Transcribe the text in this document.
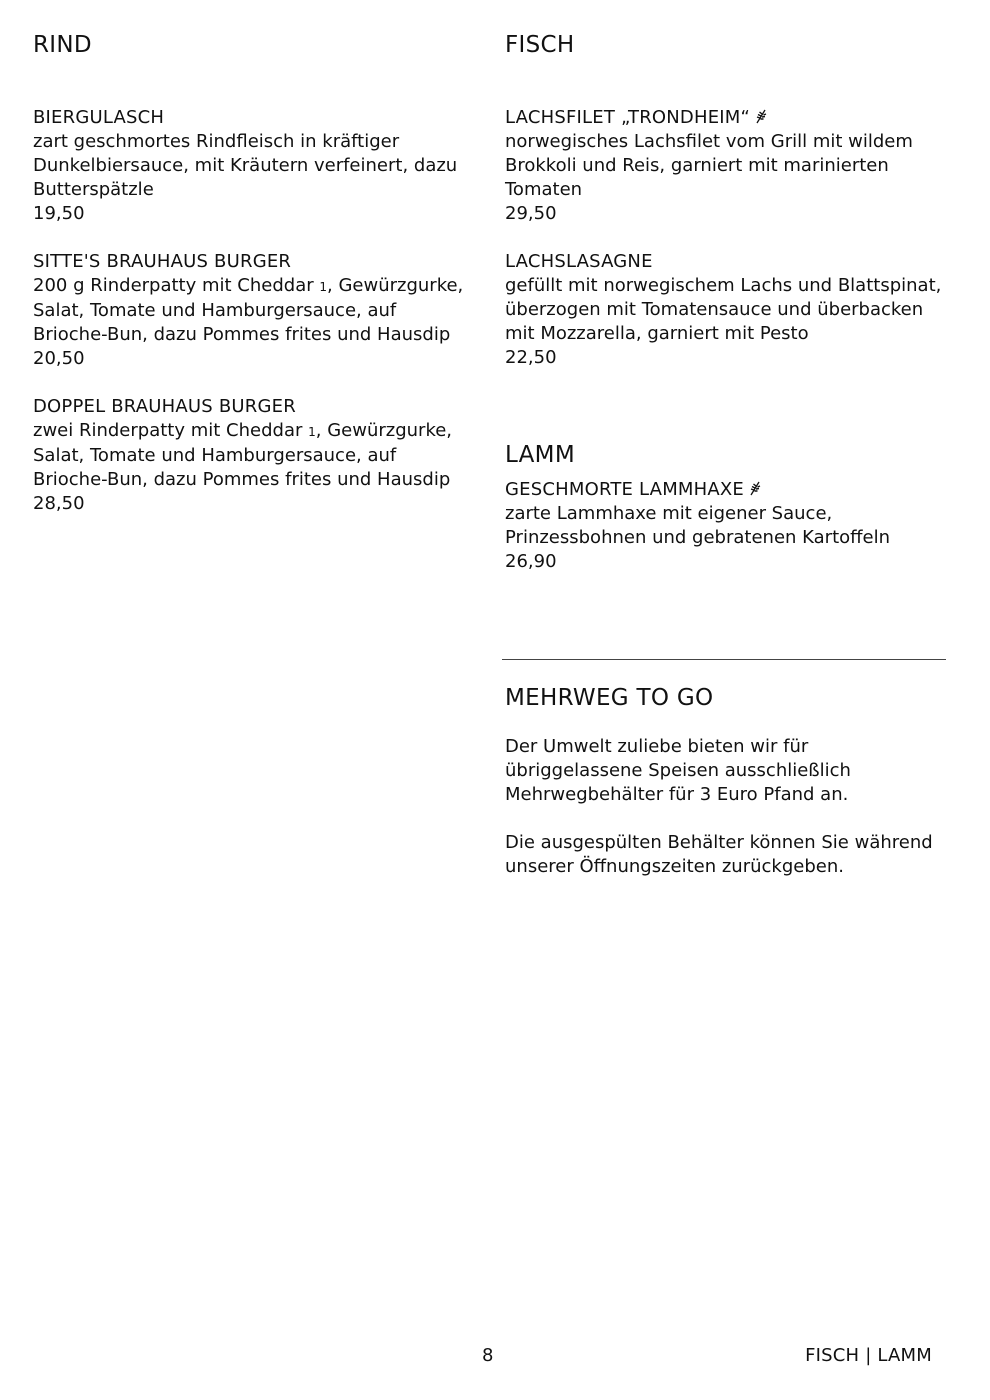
RIND

BIERGULASCH

zart geschmortes Rindfleisch in kräftiger Dunkelbiersauce, mit Kräutern verfeinert, dazu Butterspätzle

19,50

SITTE'S BRAUHAUS BURGER

200 g Rinderpatty mit Cheddar 1, Gewürzgurke, Salat, Tomate und Hamburgersauce, auf Brioche-Bun, dazu Pommes frites und Hausdip

20,50

DOPPEL BRAUHAUS BURGER

zwei Rinderpatty mit Cheddar 1, Gewürzgurke, Salat, Tomate und Hamburgersauce, auf Brioche-Bun, dazu Pommes frites und Hausdip

28,50

FISCH

LACHSFILET „TRONDHEIM“

norwegisches Lachsfilet vom Grill mit wildem Brokkoli und Reis, garniert mit marinierten Tomaten

29,50

LACHSLASAGNE

gefüllt mit norwegischem Lachs und Blattspinat, überzogen mit Tomatensauce und überbacken mit Mozzarella, garniert mit Pesto

22,50

LAMM

GESCHMORTE LAMMHAXE

zarte Lammhaxe mit eigener Sauce, Prinzessbohnen und gebratenen Kartoffeln

26,90

MEHRWEG TO GO

Der Umwelt zuliebe bieten wir für übriggelassene Speisen ausschließlich Mehrwegbehälter für 3 Euro Pfand an.

Die ausgespülten Behälter können Sie während unserer Öffnungszeiten zurückgeben.

8	FISCH | LAMM
